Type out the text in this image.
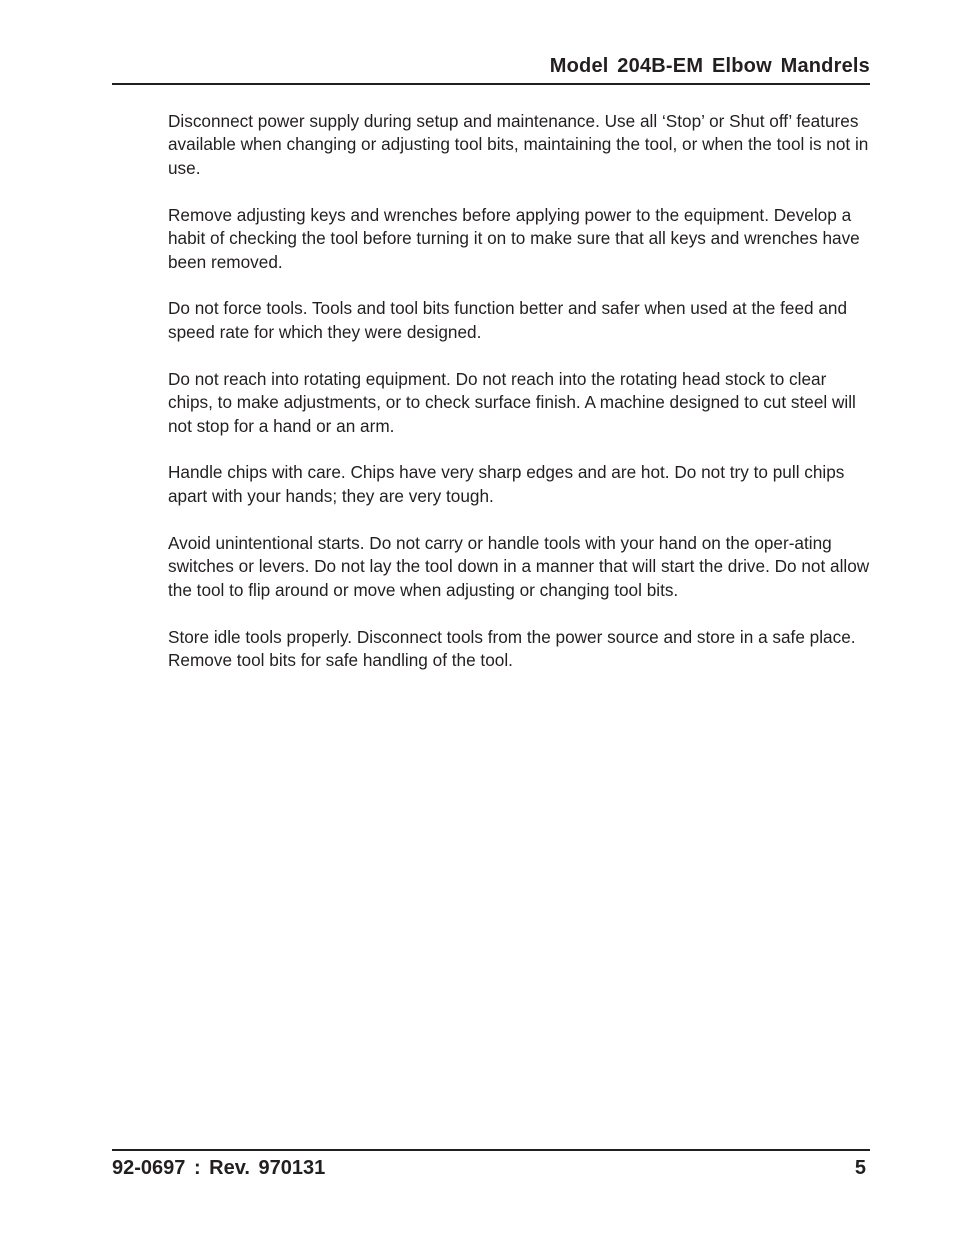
Model 204B-EM Elbow Mandrels

Disconnect power supply during setup and maintenance. Use all ‘Stop’ or Shut off’ features available when changing or adjusting tool bits, maintaining the tool, or when the tool is not in use.

Remove adjusting keys and wrenches before applying power to the equipment. Develop a habit of checking the tool before turning it on to make sure that all keys and wrenches have been removed.

Do not force tools. Tools and tool bits function better and safer when used at the feed and speed rate for which they were designed.

Do not reach into rotating equipment. Do not reach into the rotating head stock to clear chips, to make adjustments, or to check surface finish. A machine designed to cut steel will not stop for a hand or an arm.

Handle chips with care. Chips have very sharp edges and are hot. Do not try to pull chips apart with your hands; they are very tough.

Avoid unintentional starts. Do not carry or handle tools with your hand on the oper-ating switches or levers. Do not lay the tool down in a manner that will start the drive. Do not allow the tool to flip around or move when adjusting or changing tool bits.

Store idle tools properly. Disconnect tools from the power source and store in a safe place. Remove tool bits for safe handling of the tool.

92-0697 : Rev. 970131	5
